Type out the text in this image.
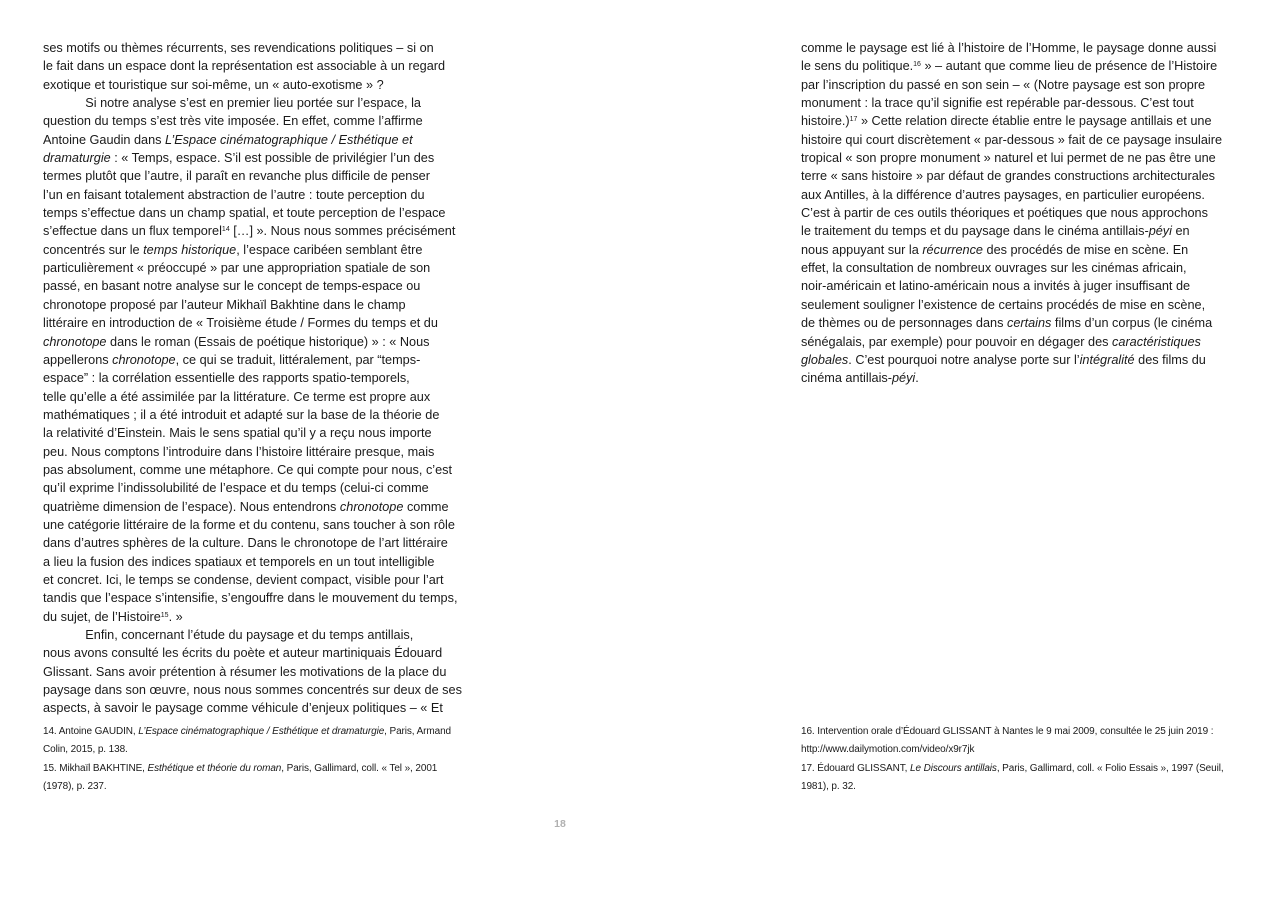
ses motifs ou thèmes récurrents, ses revendications politiques – si on
le fait dans un espace dont la représentation est associable à un regard
exotique et touristique sur soi-même, un « auto-exotisme » ?
Si notre analyse s’est en premier lieu portée sur l’espace, la
question du temps s’est très vite imposée. En effet, comme l’affirme
Antoine Gaudin dans L’Espace cinématographique / Esthétique et
dramaturgie : « Temps, espace. S’il est possible de privilégier l’un des
termes plutôt que l’autre, il paraît en revanche plus difficile de penser
l’un en faisant totalement abstraction de l’autre : toute perception du
temps s’effectue dans un champ spatial, et toute perception de l’espace
s’effectue dans un flux temporel$^{14}$ […] ». Nous nous sommes précisément
concentrés sur le temps historique, l’espace caribéen semblant être
particulièrement « préoccupé » par une appropriation spatiale de son
passé, en basant notre analyse sur le concept de temps-espace ou
chronotope proposé par l’auteur Mikhaïl Bakhtine dans le champ
littéraire en introduction de « Troisième étude / Formes du temps et du
chronotope dans le roman (Essais de poétique historique) » : « Nous
appellerons chronotope, ce qui se traduit, littéralement, par “temps-
espace” : la corrélation essentielle des rapports spatio-temporels,
telle qu’elle a été assimilée par la littérature. Ce terme est propre aux
mathématiques ; il a été introduit et adapté sur la base de la théorie de
la relativité d’Einstein. Mais le sens spatial qu’il y a reçu nous importe
peu. Nous comptons l’introduire dans l’histoire littéraire presque, mais
pas absolument, comme une métaphore. Ce qui compte pour nous, c’est
qu’il exprime l’indissolubilité de l’espace et du temps (celui-ci comme
quatrième dimension de l’espace). Nous entendrons chronotope comme
une catégorie littéraire de la forme et du contenu, sans toucher à son rôle
dans d’autres sphères de la culture. Dans le chronotope de l’art littéraire
a lieu la fusion des indices spatiaux et temporels en un tout intelligible
et concret. Ici, le temps se condense, devient compact, visible pour l’art
tandis que l’espace s’intensifie, s’engouffre dans le mouvement du temps,
du sujet, de l’Histoire$^{15}$. »
Enfin, concernant l’étude du paysage et du temps antillais,
nous avons consulté les écrits du poète et auteur martiniquais Édouard
Glissant. Sans avoir prétention à résumer les motivations de la place du
paysage dans son œuvre, nous nous sommes concentrés sur deux de ses
aspects, à savoir le paysage comme véhicule d’enjeux politiques – « Et
14. Antoine GAUDIN, L’Espace cinématographique / Esthétique et dramaturgie, Paris, Armand
Colin, 2015, p. 138.
15. Mikhaïl BAKHTINE, Esthétique et théorie du roman, Paris, Gallimard, coll. « Tel », 2001
(1978), p. 237.
comme le paysage est lié à l’histoire de l’Homme, le paysage donne aussi
le sens du politique.$^{16}$ » – autant que comme lieu de présence de l’Histoire
par l’inscription du passé en son sein – « (Notre paysage est son propre
monument : la trace qu’il signifie est repérable par-dessous. C’est tout
histoire.)$^{17}$ » Cette relation directe établie entre le paysage antillais et une
histoire qui court discrètement « par-dessous » fait de ce paysage insulaire
tropical « son propre monument » naturel et lui permet de ne pas être une
terre « sans histoire » par défaut de grandes constructions architecturales
aux Antilles, à la différence d’autres paysages, en particulier européens.
C’est à partir de ces outils théoriques et poétiques que nous approchons
le traitement du temps et du paysage dans le cinéma antillais-péyi en
nous appuyant sur la récurrence des procédés de mise en scène. En
effet, la consultation de nombreux ouvrages sur les cinémas africain,
noir-américain et latino-américain nous a invités à juger insuffisant de
seulement souligner l’existence de certains procédés de mise en scène,
de thèmes ou de personnages dans certains films d’un corpus (le cinéma
sénégalais, par exemple) pour pouvoir en dégager des caractéristiques
globales. C’est pourquoi notre analyse porte sur l’intégralité des films du
cinéma antillais-péyi.
16. Intervention orale d’Édouard GLISSANT à Nantes le 9 mai 2009, consultée le 25 juin 2019 :
http://www.dailymotion.com/video/x9r7jk
17. Édouard GLISSANT, Le Discours antillais, Paris, Gallimard, coll. « Folio Essais », 1997 (Seuil,
1981), p. 32.
18
